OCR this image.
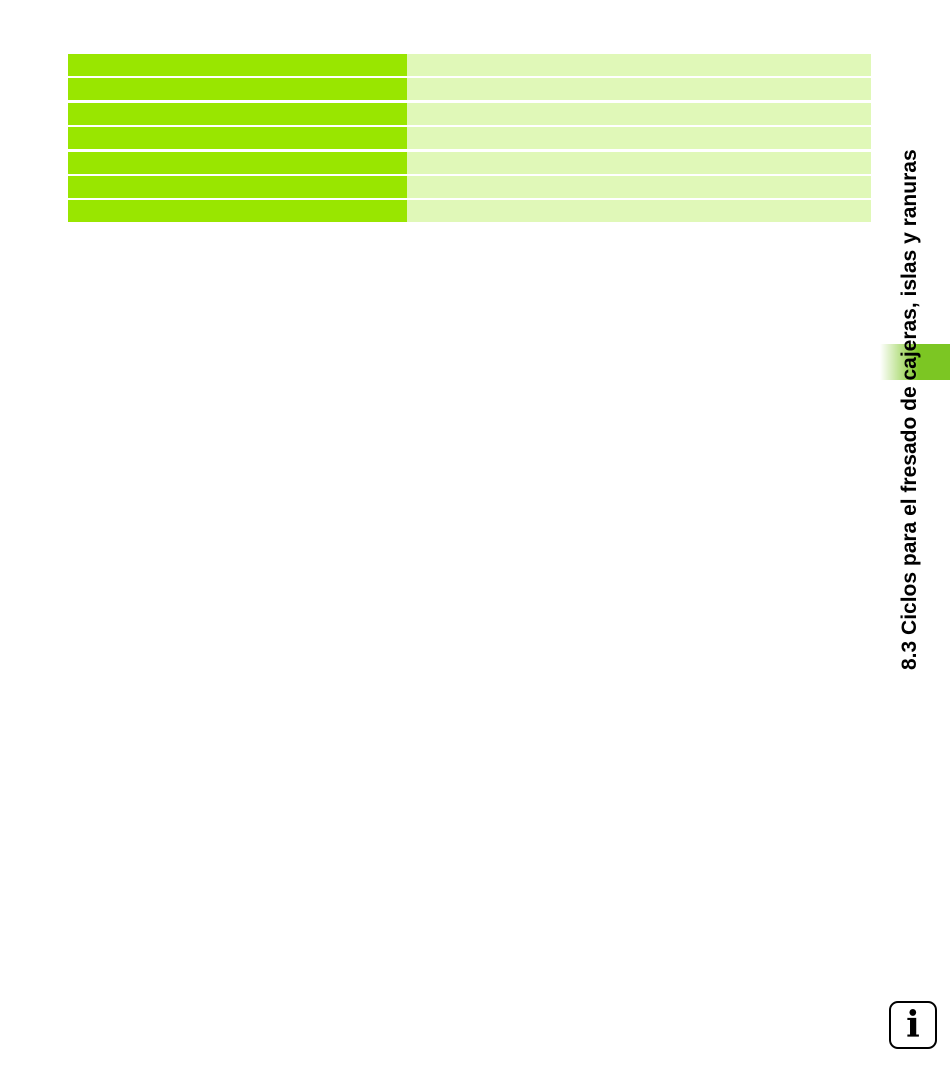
8.3 Ciclos para el fresado de cajeras, islas y ranuras
i
